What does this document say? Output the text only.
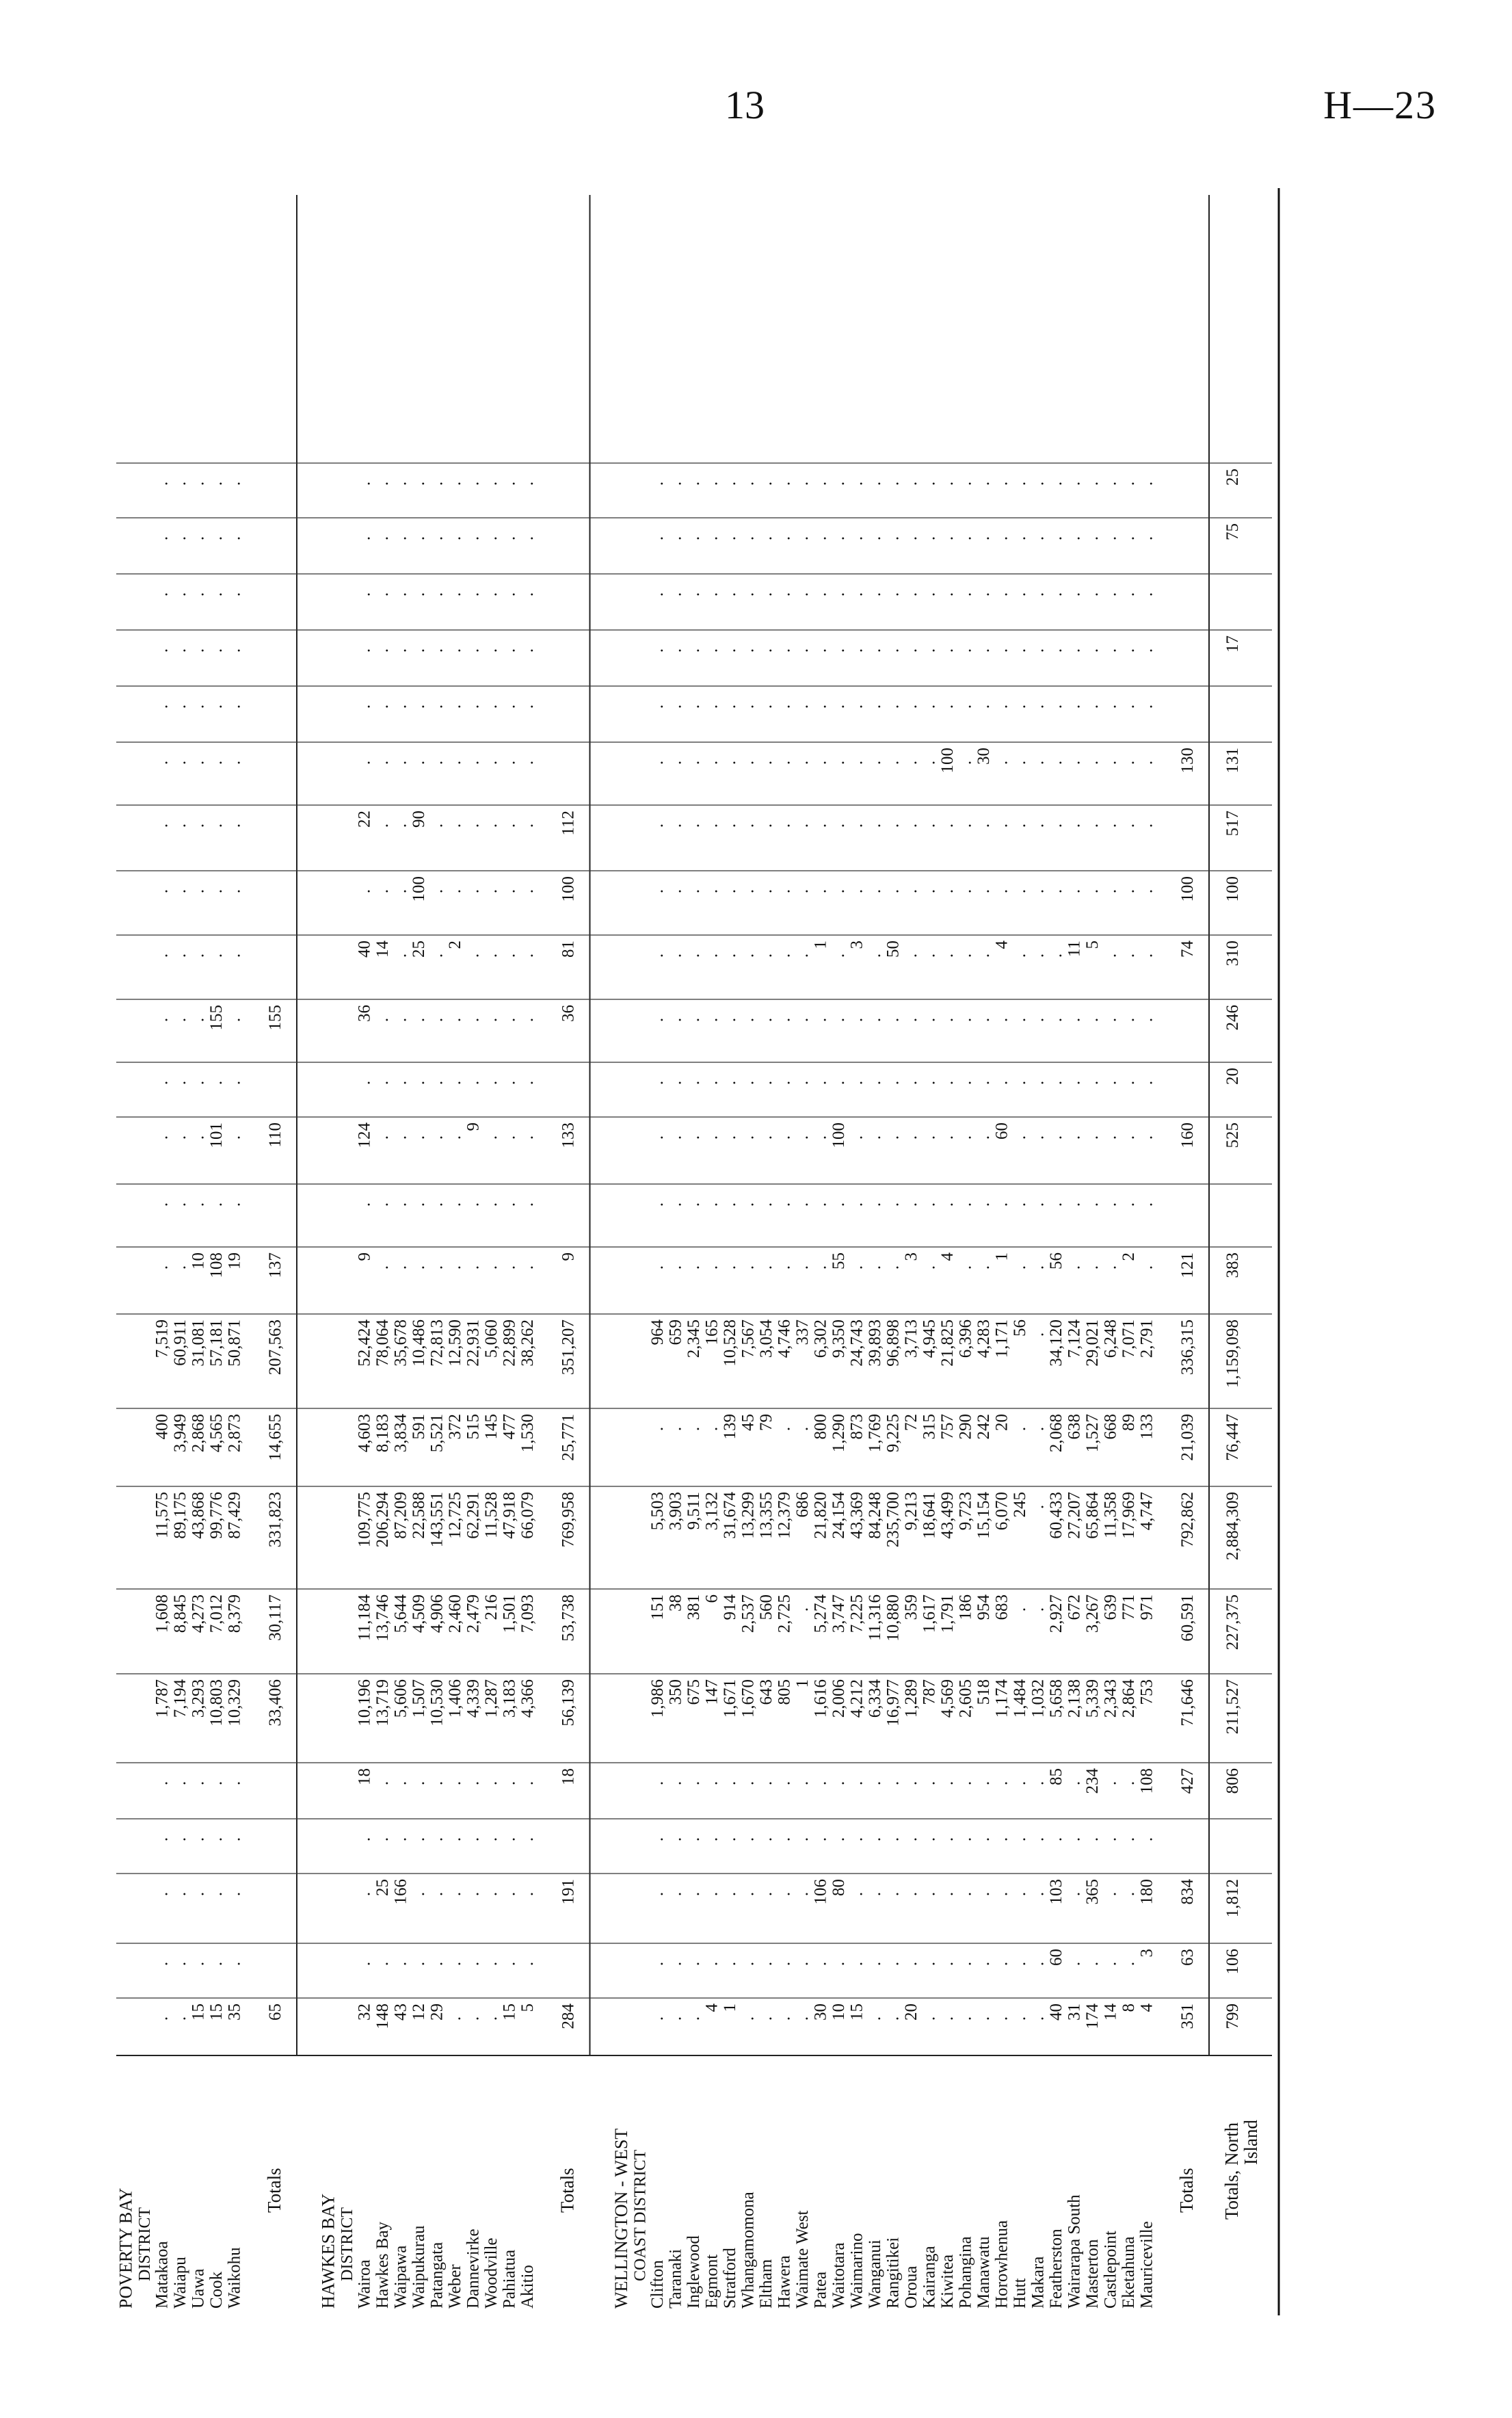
13	H—23
POVERTY BAY DISTRICT
Matakaoa
.
.
.
.
.
1,787
1,608
11,575
400
7,519
.
.
.
.
.
.
.
.
.
.
.
.
.
.
Waiapu
.
.
.
.
.
7,194
8,845
89,175
3,949
60,911
.
.
.
.
.
.
.
.
.
.
.
.
.
.
Uawa
15
.
.
.
.
3,293
4,273
43,868
2,868
31,081
10
.
.
.
.
.
.
.
.
.
.
.
.
.
Cook
15
.
.
.
.
10,803
7,012
99,776
4,565
57,181
108
.
101
.
155
.
.
.
.
.
.
.
.
.
Waikohu
35
.
.
.
.
10,329
8,379
87,429
2,873
50,871
19
.
.
.
.
.
.
.
.
.
.
.
.
.
Totals
65
33,406
30,117
331,823
14,655
207,563
137
110
155
HAWKES BAY DISTRICT
Wairoa
32
.
.
.
18
10,196
11,184
109,775
4,603
52,424
9
.
124
.
36
40
.
22
.
.
.
.
.
.
Hawkes Bay
148
.
25
.
.
13,719
13,746
206,294
8,183
78,064
.
.
.
.
.
14
.
.
.
.
.
.
.
.
Waipawa
43
.
166
.
.
5,606
5,644
87,209
3,834
35,678
.
.
.
.
.
.
.
.
.
.
.
.
.
.
Waipukurau
12
.
.
.
.
1,507
4,509
22,588
591
10,486
.
.
.
.
.
25
100
90
.
.
.
.
.
.
Patangata
29
.
.
.
.
10,530
4,906
143,551
5,521
72,813
.
.
.
.
.
.
.
.
.
.
.
.
.
.
Weber
.
.
.
.
.
1,406
2,460
12,725
372
12,590
.
.
.
.
.
2
.
.
.
.
.
.
.
.
Dannevirke
.
.
.
.
.
4,339
2,479
62,291
515
22,931
.
.
9
.
.
.
.
.
.
.
.
.
.
.
Woodville
.
.
.
.
.
1,287
216
11,528
145
5,060
.
.
.
.
.
.
.
.
.
.
.
.
.
.
Pahiatua
15
.
.
.
.
3,183
1,501
47,918
477
22,899
.
.
.
.
.
.
.
.
.
.
.
.
.
.
Akitio
5
.
.
.
.
4,366
7,093
66,079
1,530
38,262
.
.
.
.
.
.
.
.
.
.
.
.
.
.
Totals
284
191
18
56,139
53,738
769,958
25,771
351,207
9
133
36
81
100
112
WELLINGTON - WEST COAST DISTRICT
Clifton
.
.
.
.
.
1,986
151
5,503
.
964
.
.
.
.
.
.
.
.
.
.
.
.
.
.
Taranaki
.
.
.
.
.
350
38
3,903
.
659
.
.
.
.
.
.
.
.
.
.
.
.
.
.
Inglewood
.
.
.
.
.
675
381
9,511
.
2,345
.
.
.
.
.
.
.
.
.
.
.
.
.
.
Egmont
4
.
.
.
.
147
6
3,132
.
165
.
.
.
.
.
.
.
.
.
.
.
.
.
.
Stratford
1
.
.
.
.
1,671
914
31,674
139
10,528
.
.
.
.
.
.
.
.
.
.
.
.
.
.
Whangamomona
.
.
.
.
.
1,670
2,537
13,299
45
7,567
.
.
.
.
.
.
.
.
.
.
.
.
.
.
Eltham
.
.
.
.
.
643
560
13,355
79
3,054
.
.
.
.
.
.
.
.
.
.
.
.
.
.
Hawera
.
.
.
.
.
805
2,725
12,379
.
4,746
.
.
.
.
.
.
.
.
.
.
.
.
.
.
Waimate West
.
.
.
.
.
1
.
686
.
337
.
.
.
.
.
.
.
.
.
.
.
.
.
.
Patea
30
.
106
.
.
1,616
5,274
21,820
800
6,302
.
.
.
.
.
1
.
.
.
.
.
.
.
.
Waitotara
10
.
80
.
.
2,006
3,747
24,154
1,290
9,350
55
.
100
.
.
.
.
.
.
.
.
.
.
.
Waimarino
15
.
.
.
.
4,212
7,225
43,369
873
24,743
.
.
.
.
.
3
.
.
.
.
.
.
.
.
Wanganui
.
.
.
.
.
6,334
11,316
84,248
1,769
39,893
.
.
.
.
.
.
.
.
.
.
.
.
.
.
Rangitikei
.
.
.
.
.
16,977
10,880
235,700
9,225
96,898
.
.
.
.
.
50
.
.
.
.
.
.
.
.
Oroua
20
.
.
.
.
1,289
359
9,213
72
3,713
3
.
.
.
.
.
.
.
.
.
.
.
.
.
Kairanga
.
.
.
.
.
787
1,617
18,641
315
4,945
.
.
.
.
.
.
.
.
.
.
.
.
.
.
Kiwitea
.
.
.
.
.
4,569
1,791
43,499
757
21,825
4
.
.
.
.
.
.
.
100
.
.
.
.
.
Pohangina
.
.
.
.
.
2,605
186
9,723
290
6,396
.
.
.
.
.
.
.
.
.
.
.
.
.
.
Manawatu
.
.
.
.
.
518
954
15,154
242
4,283
.
.
.
.
.
.
.
.
30
.
.
.
.
.
Horowhenua
.
.
.
.
.
1,174
683
6,070
20
1,171
1
.
60
.
.
4
.
.
.
.
.
.
.
.
Hutt
.
.
.
.
.
1,484
.
245
.
56
.
.
.
.
.
.
.
.
.
.
.
.
.
.
Makara
.
.
.
.
.
1,032
.
.
.
.
.
.
.
.
.
.
.
.
.
.
.
.
.
.
Featherston
40
60
103
.
85
5,658
2,927
60,433
2,068
34,120
56
.
.
.
.
.
.
.
.
.
.
.
.
.
Wairarapa South
31
.
.
.
.
2,138
672
27,207
638
7,124
.
.
.
.
.
11
.
.
.
.
.
.
.
.
Masterton
174
.
365
.
234
5,339
3,267
65,864
1,527
29,021
.
.
.
.
.
5
.
.
.
.
.
.
.
.
Castlepoint
14
.
.
.
.
2,343
639
11,358
668
6,248
.
.
.
.
.
.
.
.
.
.
.
.
.
.
Eketahuna
8
.
.
.
.
2,864
771
17,969
89
7,071
2
.
.
.
.
.
.
.
.
.
.
.
.
.
Mauriceville
4
3
180
.
108
753
971
4,747
133
2,791
.
.
.
.
.
.
.
.
.
.
.
.
.
.
Totals
351
63
834
427
71,646
60,591
792,862
21,039
336,315
121
160
74
100
130
Totals, North
Island
799
106
1,812
806
211,527
227,375
2,884,309
76,447
1,159,098
383
525
20
246
310
100
517
131
17
75
25
